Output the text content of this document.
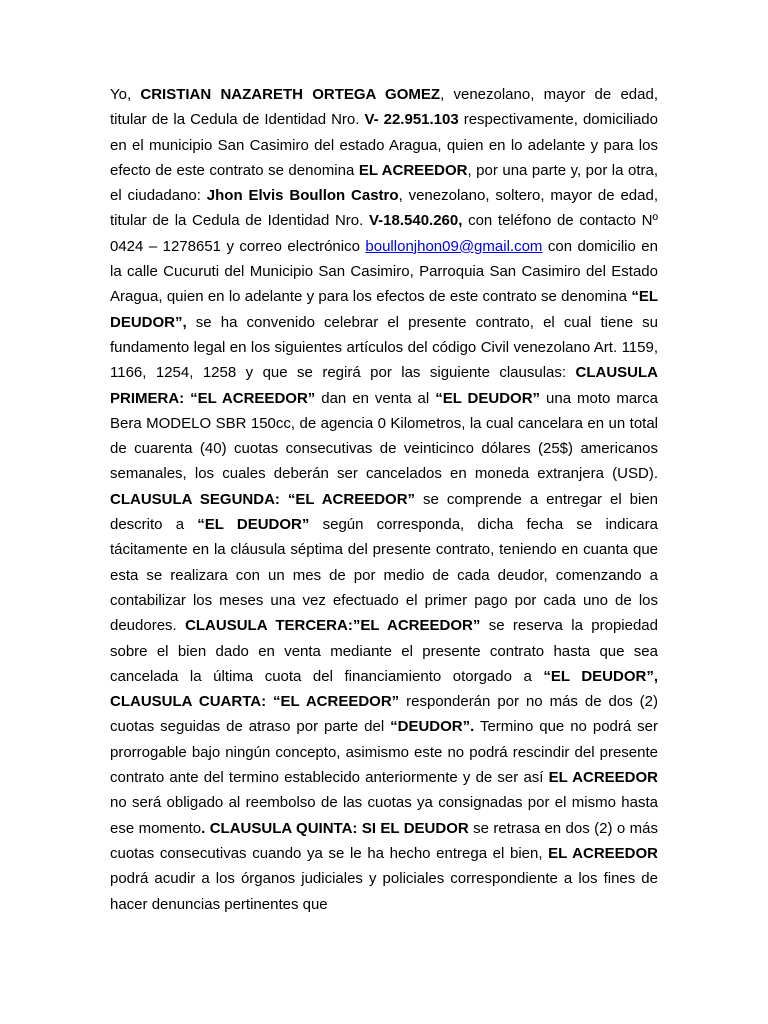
Yo, CRISTIAN NAZARETH ORTEGA GOMEZ, venezolano, mayor de edad, titular de la Cedula de Identidad Nro. V- 22.951.103 respectivamente, domiciliado en el municipio San Casimiro del estado Aragua, quien en lo adelante y para los efecto de este contrato se denomina EL ACREEDOR, por una parte y, por la otra, el ciudadano: Jhon Elvis Boullon Castro, venezolano, soltero, mayor de edad, titular de la Cedula de Identidad Nro. V-18.540.260, con teléfono de contacto Nº 0424 – 1278651 y correo electrónico boullonjhon09@gmail.com con domicilio en la calle Cucuruti del Municipio San Casimiro, Parroquia San Casimiro del Estado Aragua, quien en lo adelante y para los efectos de este contrato se denomina “EL DEUDOR”, se ha convenido celebrar el presente contrato, el cual tiene su fundamento legal en los siguientes artículos del código Civil venezolano Art. 1159, 1166, 1254, 1258 y que se regirá por las siguiente clausulas: CLAUSULA PRIMERA: “EL ACREEDOR” dan en venta al “EL DEUDOR” una moto marca Bera MODELO SBR 150cc, de agencia 0 Kilometros, la cual cancelara en un total de cuarenta (40) cuotas consecutivas de veinticinco dólares (25$) americanos semanales, los cuales deberán ser cancelados en moneda extranjera (USD). CLAUSULA SEGUNDA: “EL ACREEDOR” se comprende a entregar el bien descrito a “EL DEUDOR” según corresponda, dicha fecha se indicara tácitamente en la cláusula séptima del presente contrato, teniendo en cuanta que esta se realizara con un mes de por medio de cada deudor, comenzando a contabilizar los meses una vez efectuado el primer pago por cada uno de los deudores. CLAUSULA TERCERA:”EL ACREEDOR” se reserva la propiedad sobre el bien dado en venta mediante el presente contrato hasta que sea cancelada la última cuota del financiamiento otorgado a “EL DEUDOR”, CLAUSULA CUARTA: “EL ACREEDOR” responderán por no más de dos (2) cuotas seguidas de atraso por parte del “DEUDOR”. Termino que no podrá ser prorrogable bajo ningún concepto, asimismo este no podrá rescindir del presente contrato ante del termino establecido anteriormente y de ser así EL ACREEDOR no será obligado al reembolso de las cuotas ya consignadas por el mismo hasta ese momento. CLAUSULA QUINTA: SI EL DEUDOR se retrasa en dos (2) o más cuotas consecutivas cuando ya se le ha hecho entrega el bien, EL ACREEDOR podrá acudir a los órganos judiciales y policiales correspondiente a los fines de hacer denuncias pertinentes que
